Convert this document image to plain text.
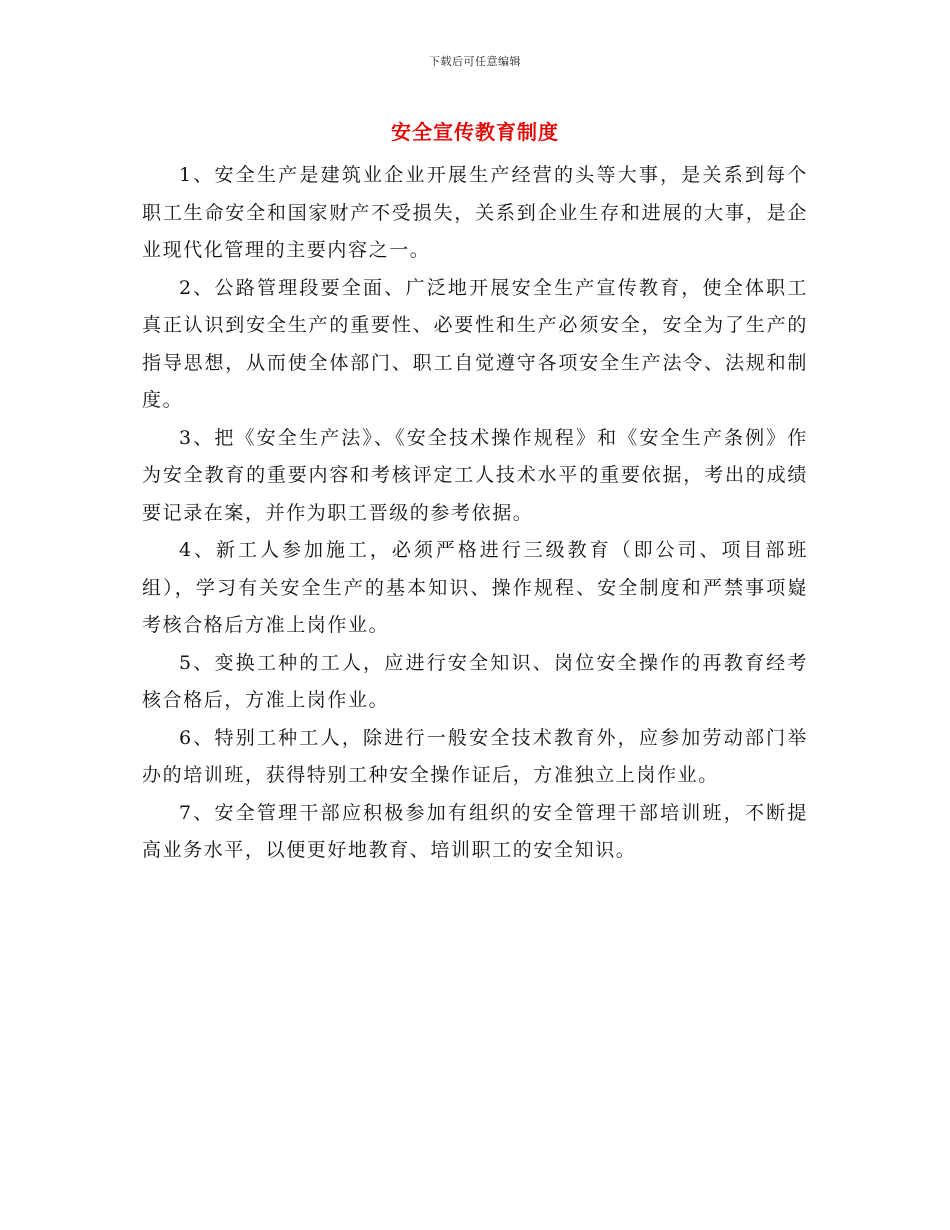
下载后可任意编辑
安全宣传教育制度

1、安全生产是建筑业企业开展生产经营的头等大事，是关系到每个职工生命安全和国家财产不受损失，关系到企业生存和进展的大事，是企业现代化管理的主要内容之一。

2、公路管理段要全面、广泛地开展安全生产宣传教育，使全体职工真正认识到安全生产的重要性、必要性和生产必须安全，安全为了生产的指导思想，从而使全体部门、职工自觉遵守各项安全生产法令、法规和制度。

3、把《安全生产法》、《安全技术操作规程》和《安全生产条例》作为安全教育的重要内容和考核评定工人技术水平的重要依据，考出的成绩要记录在案，并作为职工晋级的参考依据。

4、新工人参加施工，必须严格进行三级教育（即公司、项目部班组），学习有关安全生产的基本知识、操作规程、安全制度和严禁事项嶷考核合格后方准上岗作业。

5、变换工种的工人，应进行安全知识、岗位安全操作的再教育经考核合格后，方准上岗作业。

6、特别工种工人，除进行一般安全技术教育外，应参加劳动部门举办的培训班，获得特别工种安全操作证后，方准独立上岗作业。

7、安全管理干部应积极参加有组织的安全管理干部培训班，不断提高业务水平，以便更好地教育、培训职工的安全知识。
